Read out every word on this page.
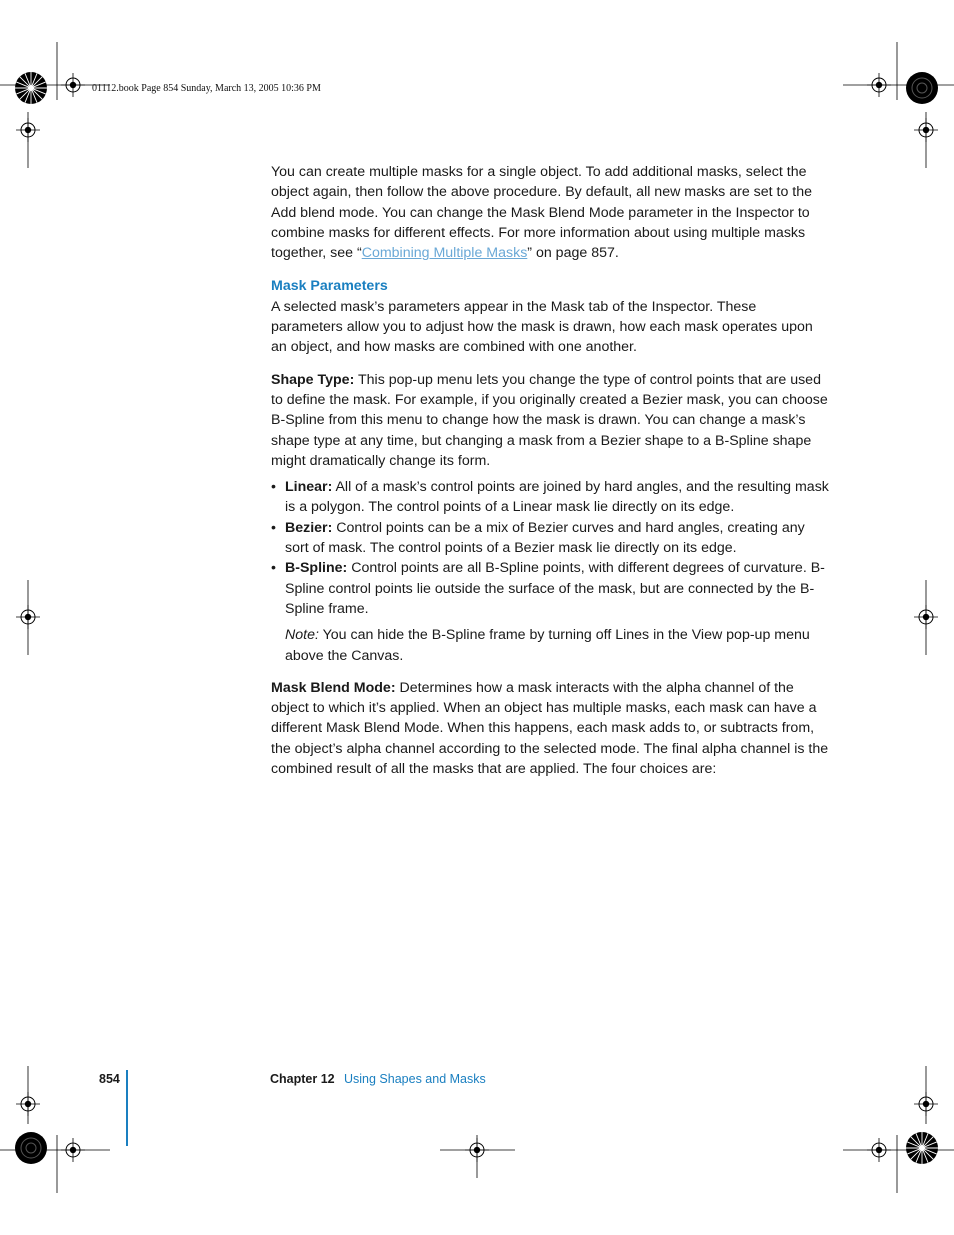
01112.book Page 854 Sunday, March 13, 2005 10:36 PM

You can create multiple masks for a single object. To add additional masks, select the object again, then follow the above procedure. By default, all new masks are set to the Add blend mode. You can change the Mask Blend Mode parameter in the Inspector to combine masks for different effects. For more information about using multiple masks together, see “Combining Multiple Masks” on page 857.

Mask Parameters

A selected mask’s parameters appear in the Mask tab of the Inspector. These parameters allow you to adjust how the mask is drawn, how each mask operates upon an object, and how masks are combined with one another.

Shape Type: This pop-up menu lets you change the type of control points that are used to define the mask. For example, if you originally created a Bezier mask, you can choose B-Spline from this menu to change how the mask is drawn. You can change a mask’s shape type at any time, but changing a mask from a Bezier shape to a B-Spline shape might dramatically change its form.

• Linear: All of a mask’s control points are joined by hard angles, and the resulting mask is a polygon. The control points of a Linear mask lie directly on its edge.
• Bezier: Control points can be a mix of Bezier curves and hard angles, creating any sort of mask. The control points of a Bezier mask lie directly on its edge.
• B-Spline: Control points are all B-Spline points, with different degrees of curvature. B-Spline control points lie outside the surface of the mask, but are connected by the B-Spline frame.

Note: You can hide the B-Spline frame by turning off Lines in the View pop-up menu above the Canvas.

Mask Blend Mode: Determines how a mask interacts with the alpha channel of the object to which it’s applied. When an object has multiple masks, each mask can have a different Mask Blend Mode. When this happens, each mask adds to, or subtracts from, the object’s alpha channel according to the selected mode. The final alpha channel is the combined result of all the masks that are applied. The four choices are:

854	Chapter 12 Using Shapes and Masks
